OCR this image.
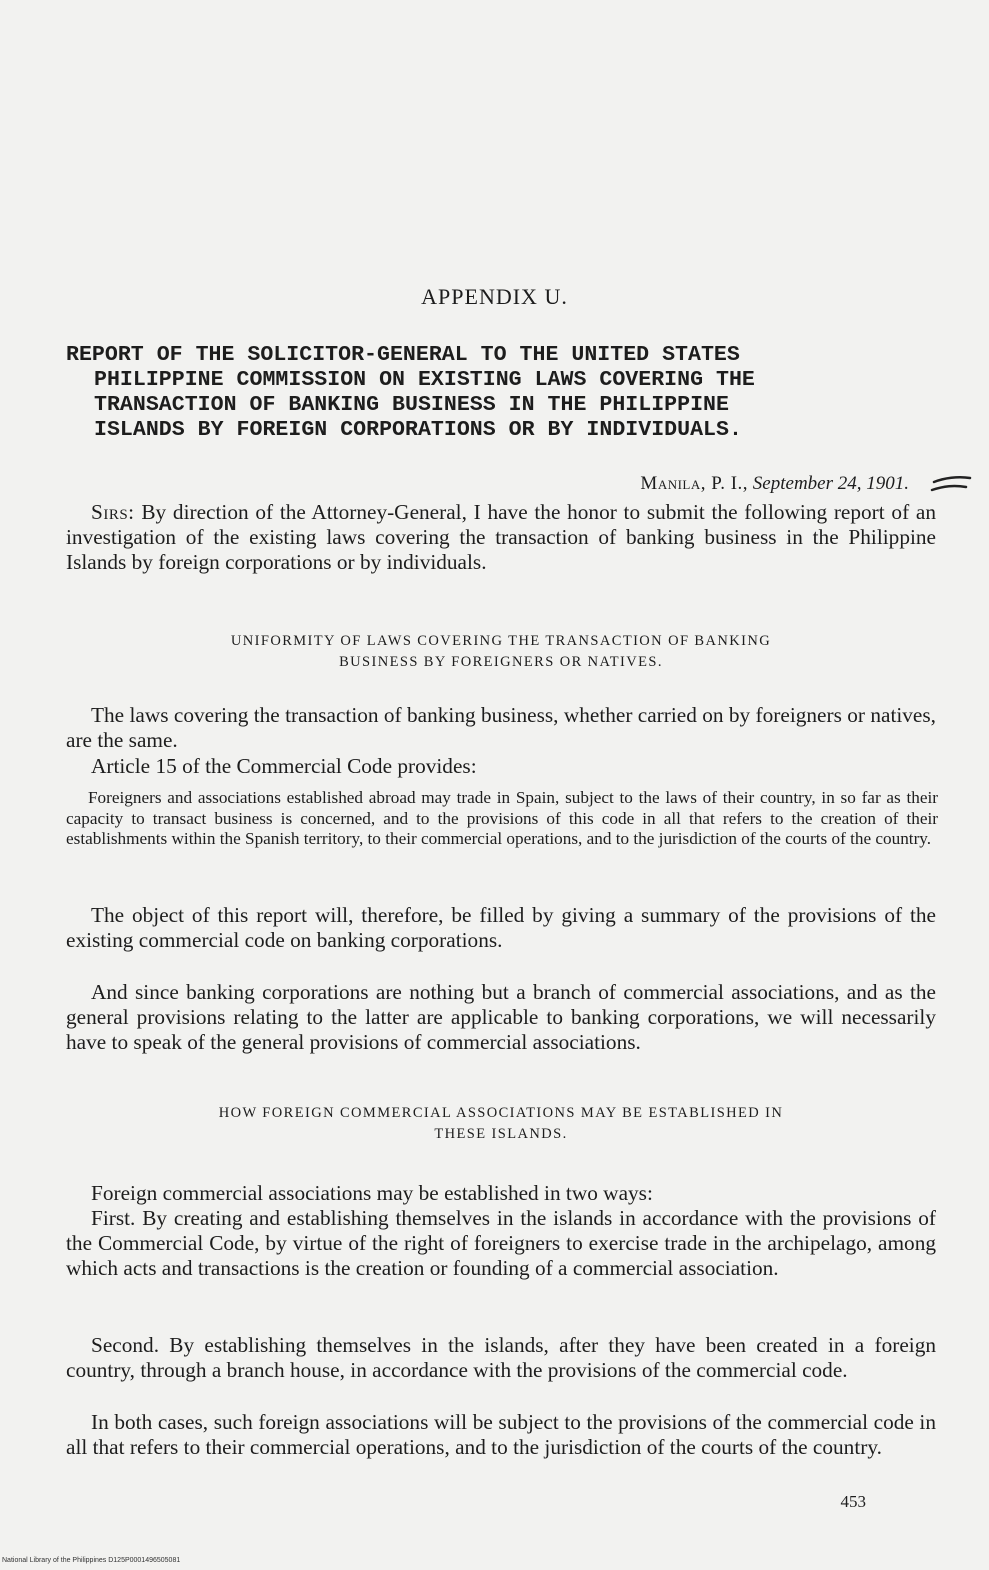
APPENDIX U.
REPORT OF THE SOLICITOR-GENERAL TO THE UNITED STATES
PHILIPPINE COMMISSION ON EXISTING LAWS COVERING THE
TRANSACTION OF BANKING BUSINESS IN THE PHILIPPINE
ISLANDS BY FOREIGN CORPORATIONS OR BY INDIVIDUALS.
Manila, P. I., September 24, 1901.

Sirs: By direction of the Attorney-General, I have the honor to submit the following report of an investigation of the existing laws covering the transaction of banking business in the Philippine Islands by foreign corporations or by individuals.

UNIFORMITY OF LAWS COVERING THE TRANSACTION OF BANKING
BUSINESS BY FOREIGNERS OR NATIVES.

The laws covering the transaction of banking business, whether carried on by foreigners or natives, are the same.

Article 15 of the Commercial Code provides:

Foreigners and associations established abroad may trade in Spain, subject to the laws of their country, in so far as their capacity to transact business is concerned, and to the provisions of this code in all that refers to the creation of their establishments within the Spanish territory, to their commercial operations, and to the jurisdiction of the courts of the country.

The object of this report will, therefore, be filled by giving a summary of the provisions of the existing commercial code on banking corporations.

And since banking corporations are nothing but a branch of commercial associations, and as the general provisions relating to the latter are applicable to banking corporations, we will necessarily have to speak of the general provisions of commercial associations.

HOW FOREIGN COMMERCIAL ASSOCIATIONS MAY BE ESTABLISHED IN
THESE ISLANDS.

Foreign commercial associations may be established in two ways:

First. By creating and establishing themselves in the islands in accordance with the provisions of the Commercial Code, by virtue of the right of foreigners to exercise trade in the archipelago, among which acts and transactions is the creation or founding of a commercial association.

Second. By establishing themselves in the islands, after they have been created in a foreign country, through a branch house, in accordance with the provisions of the commercial code.

In both cases, such foreign associations will be subject to the provisions of the commercial code in all that refers to their commercial operations, and to the jurisdiction of the courts of the country.

453
National Library of the Philippines D125P0001496505081
